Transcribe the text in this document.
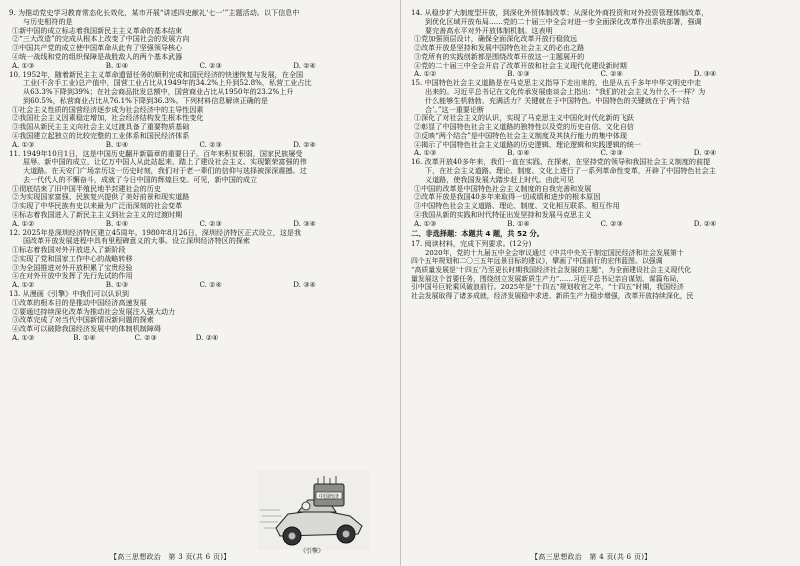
9. 为推动党史学习教育常态化长效化，某市开展“讲述四史献礼‘七一’”主题活动。以下信息中

与历史相符的是

①新中国的成立标志着我国新民主主义革命的基本结束

②“三大改造”的完成从根本上改变了中国社会的发展方向

③中国共产党的成立使中国革命从此有了坚强领导核心

④统一战线和党的组织保障是战胜敌人的两个基本武器

A. ①③	B. ①④	C. ②③	D. ②④

10. 1952年，随着新民主主义革命遗留任务的顺利完成和国民经济的快速恢复与发展，在全国

工业(不含手工业)总产值中，国营工业占比从1949年的34.2%上升到52.8%，私营工业占比

从63.3%下降到39%；在社会商品批发总额中，国营商业占比从1950年的23.2%上升

到60.5%，私营商业占比从76.1%下降到36.3%。下列材料信息解读正确的是

①社会主义性质的国营经济逐步成为社会经济中的主导性因素

②我国社会主义因素稳定增加，社会经济结构发生根本性变化

③我国从新民主主义向社会主义过渡具备了重要物质基础

④我国建立起独立的比较完整的工业体系和国民经济体系

A. ①③	B. ①④	C. ②③	D. ②④

11. 1949年10月1日，这是中国历史翻开新篇章的重要日子。百年来积贫积弱，国家民族屡受

屈辱。新中国的成立，让亿万中国人从此站起来，踏上了建设社会主义、实现繁荣富强的伟

大道路。在天安门广场亲历这一历史时刻，我们对于老一辈们的信仰与选择被深深震撼。过

去一代代人的不懈奋斗，成就了今日中国的辉煌巨变。可见，新中国的成立

①彻底结束了旧中国半殖民地半封建社会的历史

②为实现国家富强、民族复兴提供了美好前景和现实道路

③实现了中华民族有史以来最为广泛而深刻的社会变革

④标志着我国进入了新民主主义到社会主义的过渡时期

A. ①②	B. ①④	C. ②③	D. ③④

12. 2025年是深圳经济特区建立45周年。1980年8月26日，深圳经济特区正式设立，这是我

国改革开放发展进程中具有里程碑意义的大事。设立深圳经济特区的探索

①标志着我国对外开放进入了新阶段

②实现了党和国家工作中心的战略转移

③为全国推进对外开放积累了宝贵经验

④在对外开放中发挥了先行先试的作用

A. ①②	B. ①③	C. ②④	D. ③④

13. 从漫画《引擎》中我们可以认识到

①改革的根本目的是推动中国经济高速发展

②要通过持续深化改革为推动社会发展注入强大动力

③改革完成了对当代中国新情况新问题的探索

④改革可以破除我国经济发展中的体制机制障碍

A. ①③	B. ①④	C. ②③	D. ②④
中国经济
《引擎》
【高三思想政治　第 3 页(共 6 页)】

14. 从稳步扩大制度型开放，到深化外贸体制改革；从深化外商投资和对外投资管理体制改革，

到优化区域开放布局……党的二十届三中全会对进一步全面深化改革作出系统部署，强调

要完善高水平对外开放体制机制。这表明

①党加强顶层设计，确保全面深化改革开放行稳致远

②改革开放是坚持和发展中国特色社会主义的必由之路

③党所有的实践创新都是围绕改革开放这一主题展开的

④党的二十届三中全会开启了改革开放和社会主义现代化建设新时期

A. ①②	B. ①③	C. ②④	D. ③④

15. 中国特色社会主义道路是在马克思主义指导下走出来的，也是从五千多年中华文明史中走

出来的。习近平总书记在文化传承发展座谈会上指出：“我们的社会主义为什么不一样？为

什么能够生机勃勃、充满活力？关键就在于中国特色。中国特色的关键就在于‘两个结

合’。”这一重要论断

①深化了对社会主义的认识，实现了马克思主义中国化时代化新的飞跃

②彰显了中国特色社会主义道路的独特性以及党的历史自信、文化自信

③反映“两个结合”是中国特色社会主义制度及其执行能力的集中体现

④揭示了中国特色社会主义道路的历史逻辑、理论逻辑和实践逻辑的统一

A. ①③	B. ①④	C. ②③	D. ②④

16. 改革开放40多年来，我们一直在实践、在探索，在坚持党的领导和我国社会主义制度的前提

下，在社会主义道路、理论、制度、文化上进行了一系列革命性变革，开辟了中国特色社会主

义道路，使我国发展大踏步赶上时代。由此可见

①中国的改革是中国特色社会主义制度的自我完善和发展

②改革开放是我国40多年来取得一切成绩和进步的根本原因

③中国特色社会主义道路、理论、制度、文化相互联系、相互作用

④我国从新的实践和时代特征出发坚持和发展马克思主义

A. ①③	B. ①④	C. ②③	D. ②④

二、非选择题：本题共 4 题，共 52 分。

17. 阅读材料，完成下列要求。(12分)

2020年，党的十九届五中全会审议通过《中共中央关于制定国民经济和社会发展第十

四个五年规划和二〇三五年远景目标的建议》，擘画了中国前行的宏伟蓝图。以强调

“高质量发展是‘十四五’乃至更长时期我国经济社会发展的主题”，为全面建设社会主义现代化

量发展这个首要任务，围绕创立发展新质生产力”……习近平总书记亲自谋划、谋篇布局，

引中国号巨轮乘风破浪前行。2025年是“十四五”规划收官之年，“十四五”时期，我国经济

社会发展取得了诸多成就，经济发展稳中求进、新质生产力稳步增强，改革开放持续深化，民

【高三思想政治　第 4 页(共 6 页)】
